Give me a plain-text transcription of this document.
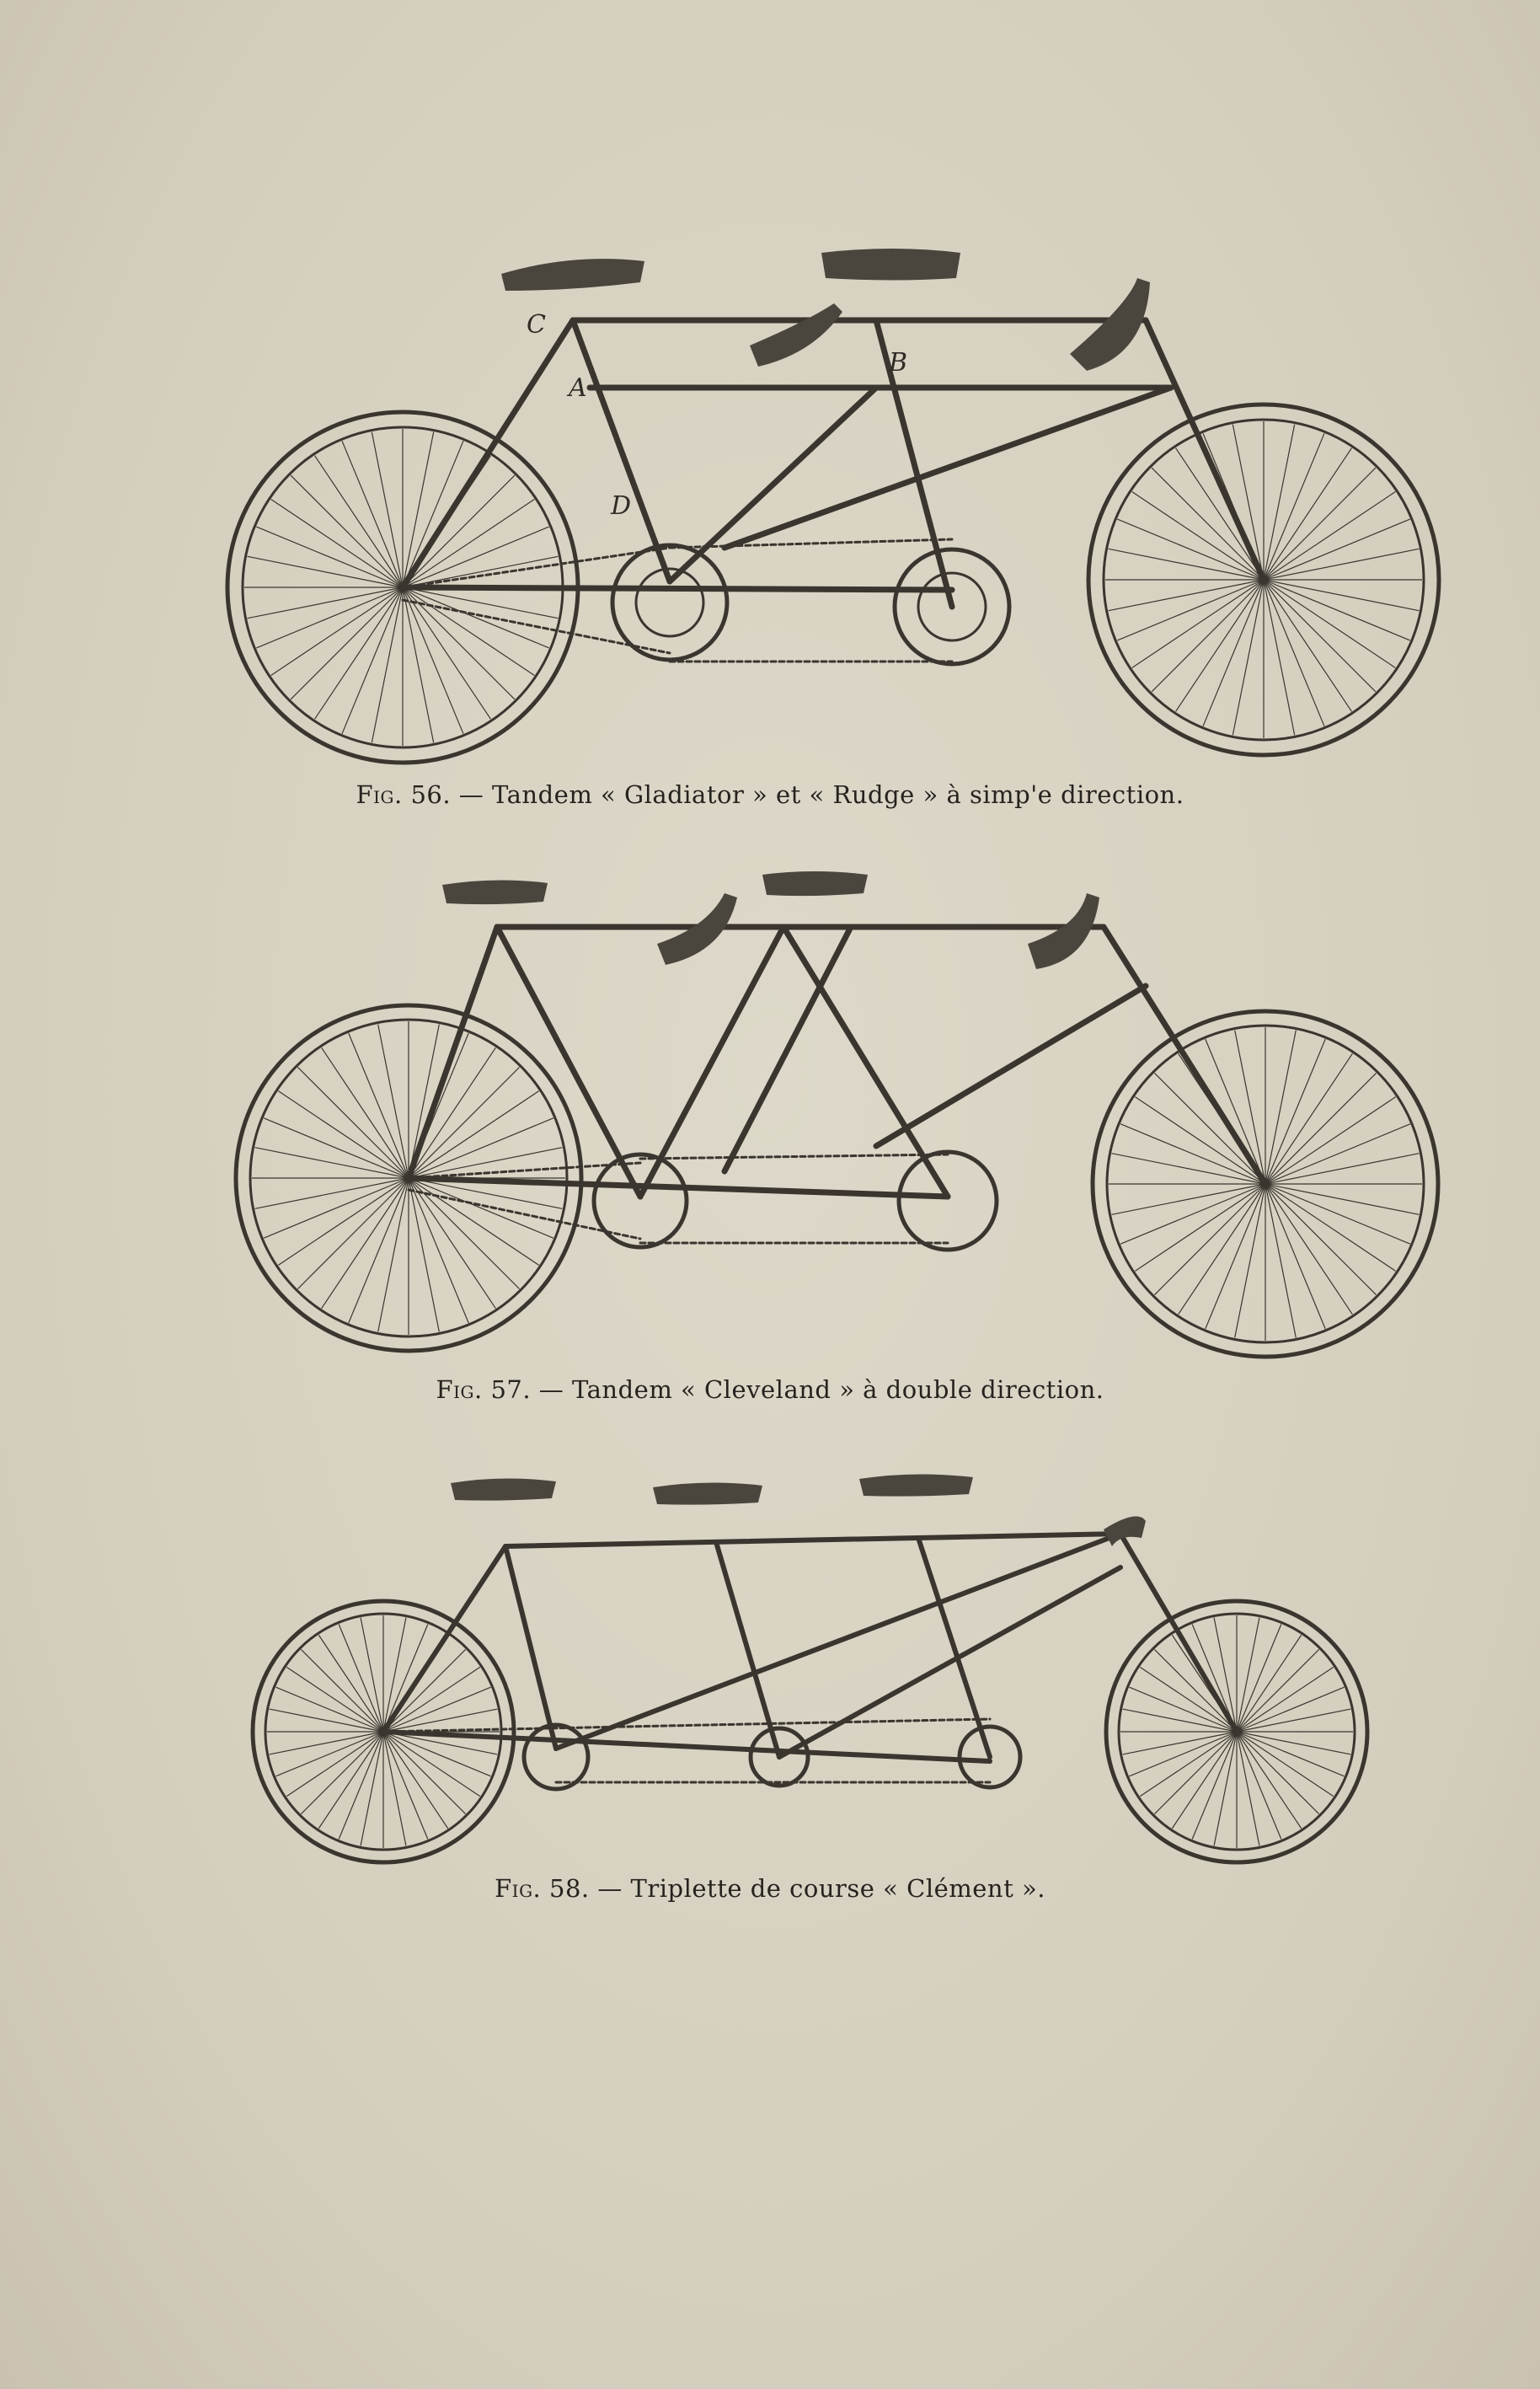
C
A
B
D
Fig. 56. — Tandem « Gladiator » et « Rudge » à simp'e direction.
Fig. 57. — Tandem « Cleveland » à double direction.
Fig. 58. — Triplette de course « Clément ».
